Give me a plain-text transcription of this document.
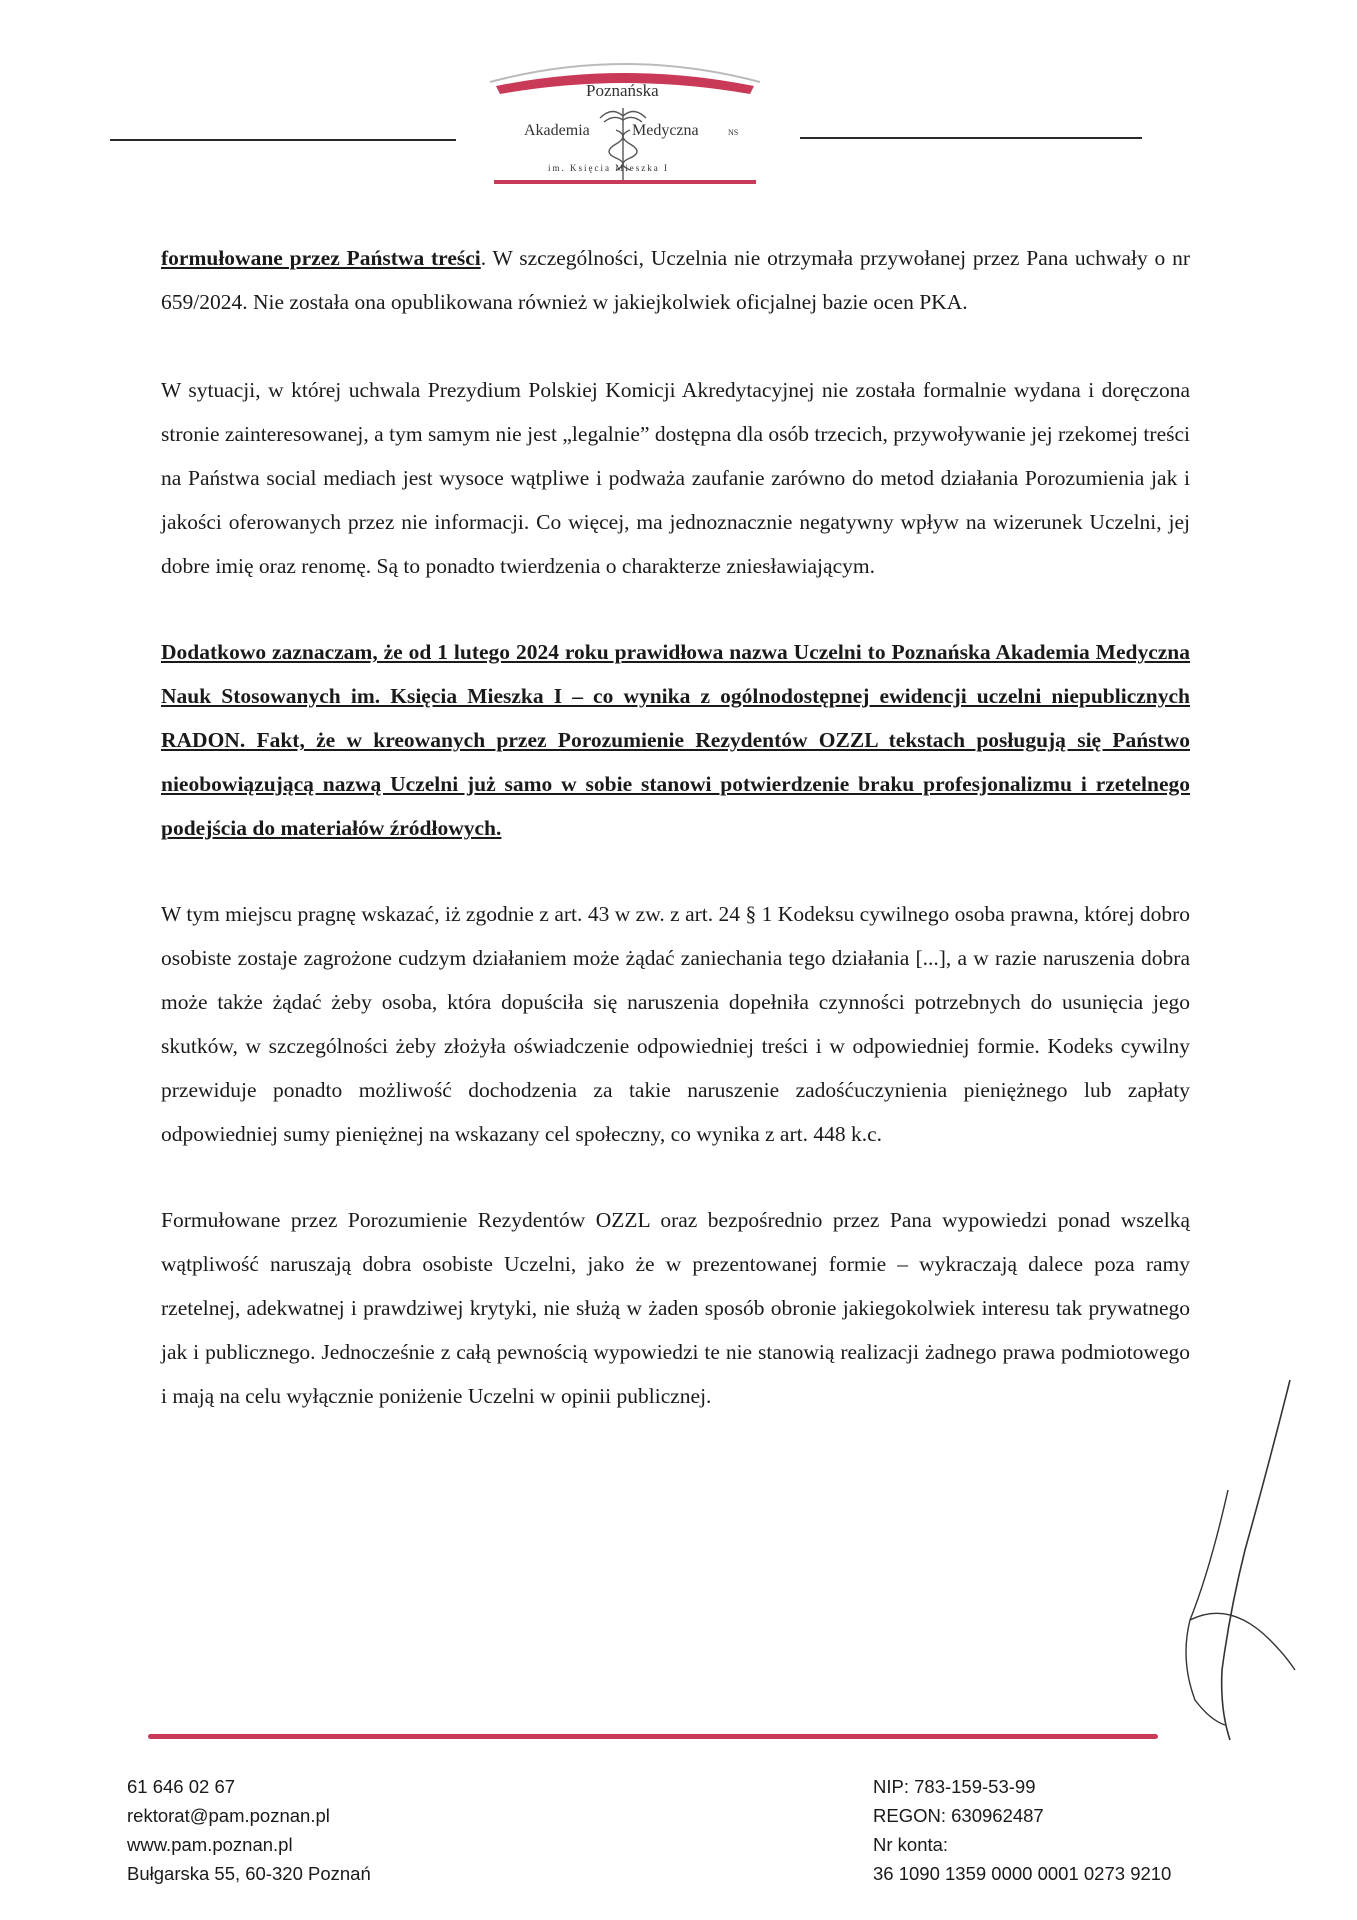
Poznańska
Akademia	Medyczna	NS
im. Księcia Mieszka I

formułowane przez Państwa treści. W szczególności, Uczelnia nie otrzymała przywołanej przez Pana uchwały o nr 659/2024. Nie została ona opublikowana również w jakiejkolwiek oficjalnej bazie ocen PKA.

W sytuacji, w której uchwala Prezydium Polskiej Komicji Akredytacyjnej nie została formalnie wydana i doręczona stronie zainteresowanej, a tym samym nie jest „legalnie” dostępna dla osób trzecich, przywoływanie jej rzekomej treści na Państwa social mediach jest wysoce wątpliwe i podważa zaufanie zarówno do metod działania Porozumienia jak i jakości oferowanych przez nie informacji. Co więcej, ma jednoznacznie negatywny wpływ na wizerunek Uczelni, jej dobre imię oraz renomę. Są to ponadto twierdzenia o charakterze zniesławiającym.

Dodatkowo zaznaczam, że od 1 lutego 2024 roku prawidłowa nazwa Uczelni to Poznańska Akademia Medyczna Nauk Stosowanych im. Księcia Mieszka I – co wynika z ogólnodostępnej ewidencji uczelni niepublicznych RADON. Fakt, że w kreowanych przez Porozumienie Rezydentów OZZL tekstach posługują się Państwo nieobowiązującą nazwą Uczelni już samo w sobie stanowi potwierdzenie braku profesjonalizmu i rzetelnego podejścia do materiałów źródłowych.

W tym miejscu pragnę wskazać, iż zgodnie z art. 43 w zw. z art. 24 § 1 Kodeksu cywilnego osoba prawna, której dobro osobiste zostaje zagrożone cudzym działaniem może żądać zaniechania tego działania [...], a w razie naruszenia dobra może także żądać żeby osoba, która dopuściła się naruszenia dopełniła czynności potrzebnych do usunięcia jego skutków, w szczególności żeby złożyła oświadczenie odpowiedniej treści i w odpowiedniej formie. Kodeks cywilny przewiduje ponadto możliwość dochodzenia za takie naruszenie zadośćuczynienia pieniężnego lub zapłaty odpowiedniej sumy pieniężnej na wskazany cel społeczny, co wynika z art. 448 k.c.

Formułowane przez Porozumienie Rezydentów OZZL oraz bezpośrednio przez Pana wypowiedzi ponad wszelką wątpliwość naruszają dobra osobiste Uczelni, jako że w prezentowanej formie – wykraczają dalece poza ramy rzetelnej, adekwatnej i prawdziwej krytyki, nie służą w żaden sposób obronie jakiegokolwiek interesu tak prywatnego jak i publicznego. Jednocześnie z całą pewnością wypowiedzi te nie stanowią realizacji żadnego prawa podmiotowego i mają na celu wyłącznie poniżenie Uczelni w opinii publicznej.

61 646 02 67
rektorat@pam.poznan.pl
www.pam.poznan.pl
Bułgarska 55, 60-320 Poznań
NIP: 783-159-53-99
REGON: 630962487
Nr konta:
36 1090 1359 0000 0001 0273 9210
